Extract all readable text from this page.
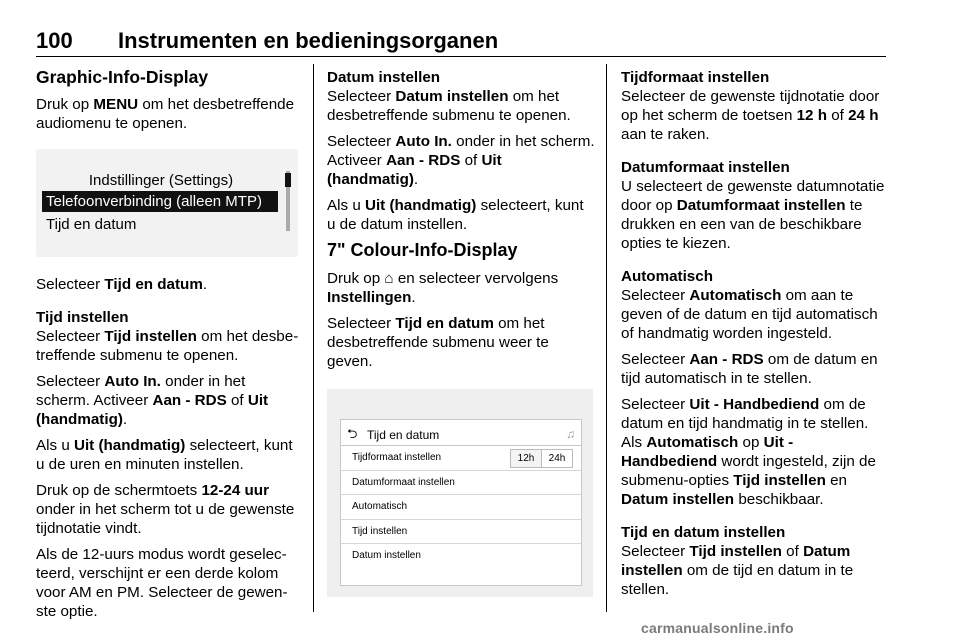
100 Instrumenten en bedieningsorganen
Graphic-Info-Display

Druk op MENU om het desbetreffende audiomenu te openen.

Indstillinger (Settings)
Telefoonverbinding (alleen MTP)
Tijd en datum

Selecteer Tijd en datum.

Tijd instellen
Selecteer Tijd instellen om het desbetreffende submenu te openen.

Selecteer Auto In. onder in het scherm. Activeer Aan - RDS of Uit (handmatig).

Als u Uit (handmatig) selecteert, kunt u de uren en minuten instellen.

Druk op de schermtoets 12-24 uur onder in het scherm tot u de gewenste tijdnotatie vindt.

Als de 12-uurs modus wordt geselecteerd, verschijnt er een derde kolom voor AM en PM. Selecteer de gewenste optie.

Datum instellen
Selecteer Datum instellen om het desbetreffende submenu te openen.

Selecteer Auto In. onder in het scherm. Activeer Aan - RDS of Uit (handmatig).

Als u Uit (handmatig) selecteert, kunt u de datum instellen.

7" Colour-Info-Display

Druk op ⌂ en selecteer vervolgens Instellingen.

Selecteer Tijd en datum om het desbetreffende submenu weer te geven.

⮌ Tijd en datum	♫
Tijdformaat instellen	12h	24h
Datumformaat instellen
Automatisch
Tijd instellen
Datum instellen

Tijdformaat instellen
Selecteer de gewenste tijdnotatie door op het scherm de toetsen 12 h of 24 h aan te raken.

Datumformaat instellen
U selecteert de gewenste datumnotatie door op Datumformaat instellen te drukken en een van de beschikbare opties te kiezen.

Automatisch
Selecteer Automatisch om aan te geven of de datum en tijd automatisch of handmatig worden ingesteld.

Selecteer Aan - RDS om de datum en tijd automatisch in te stellen.

Selecteer Uit - Handbediend om de datum en tijd handmatig in te stellen.

Als Automatisch op Uit - Handbediend wordt ingesteld, zijn de submenu-opties Tijd instellen en Datum instellen beschikbaar.

Tijd en datum instellen
Selecteer Tijd instellen of Datum instellen om de tijd en datum in te stellen.

carmanualsonline.info
